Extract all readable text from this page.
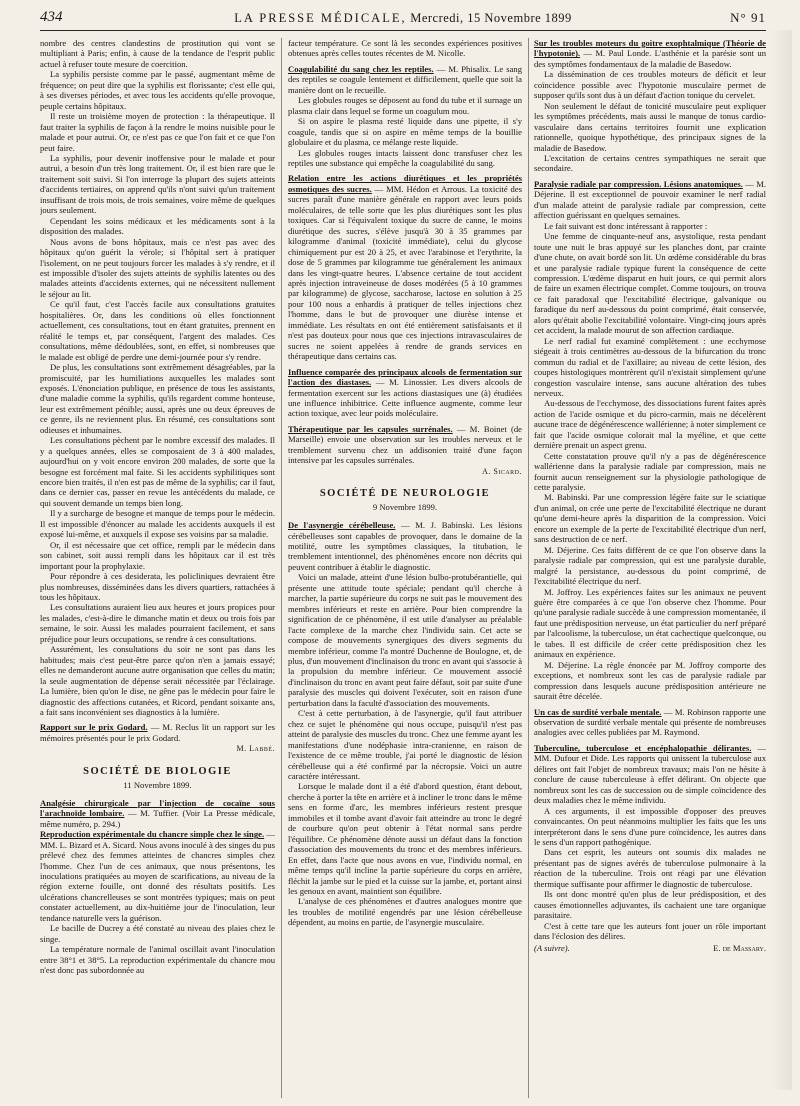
434	LA PRESSE MÉDICALE, Mercredi, 15 Novembre 1899	N° 91

nombre des centres clandestins de prostitution qui vont se multipliant à Paris; enfin, à cause de la tendance de l'esprit public actuel à refuser toute mesure de coercition.

La syphilis persiste comme par le passé, augmentant même de fréquence; on peut dire que la syphilis est florissante; c'est elle qui, à ses diverses périodes, et avec tous les accidents qu'elle provoque, peuple certains hôpitaux.

Il reste un troisième moyen de protection : la thérapeutique. Il faut traiter la syphilis de façon à la rendre le moins nuisible pour le malade et pour autrui. Or, ce n'est pas ce que l'on fait et ce que l'on peut faire.

La syphilis, pour devenir inoffensive pour le malade et pour autrui, a besoin d'un très long traitement. Or, il est bien rare que le traitement soit suivi. Si l'on interroge la plupart des sujets atteints d'accidents tertiaires, on apprend qu'ils n'ont suivi qu'un traitement insuffisant de trois mois, de trois semaines, voire même de quelques jours seulement.

Cependant les soins médicaux et les médicaments sont à la disposition des malades.

Nous avons de bons hôpitaux, mais ce n'est pas avec des hôpitaux qu'on guérit la vérole; si l'hôpital sert à pratiquer l'isolement, on ne peut toujours forcer les malades à s'y rendre, et il est impossible d'isoler des sujets atteints de syphilis latentes ou des malades atteints d'accidents externes, qui ne nécessitent nullement le séjour au lit.

Ce qu'il faut, c'est l'accès facile aux consultations gratuites hospitalières. Or, dans les conditions où elles fonctionnent actuellement, ces consultations, tout en étant gratuites, prennent en réalité le temps et, par conséquent, l'argent des malades. Ces consultations, même dédoublées, sont, en effet, si nombreuses que le malade est obligé de perdre une demi-journée pour s'y rendre.

De plus, les consultations sont extrêmement désagréables, par la promiscuité, par les humiliations auxquelles les malades sont exposés. L'énonciation publique, en présence de tous les assistants, d'une maladie comme la syphilis, qu'ils regardent comme honteuse, leur est extrêmement pénible; aussi, après une ou deux épreuves de ce genre, ils ne reviennent plus. En résumé, ces consultations sont odieuses et inhumaines.

Les consultations pèchent par le nombre excessif des malades. Il y a quelques années, elles se composaient de 3 à 400 malades, aujourd'hui on y voit encore environ 200 malades, de sorte que la besogne est forcément mal faite. Si les accidents syphilitiques sont encore bien traités, il n'en est pas de même de la syphilis; car il faut, dans ce dernier cas, passer en revue les antécédents du malade, ce qui souvent demande un temps bien long.

Il y a surcharge de besogne et manque de temps pour le médecin. Il est impossible d'énoncer au malade les accidents auxquels il est exposé lui-même, et auxquels il expose ses voisins par sa maladie.

Or, il est nécessaire que cet office, rempli par le médecin dans son cabinet, soit aussi rempli dans les hôpitaux car il est très important pour la prophylaxie.

Pour répondre à ces desiderata, les policliniques devraient être plus nombreuses, disséminées dans les divers quartiers, rattachées à tous les hôpitaux.

Les consultations auraient lieu aux heures et jours propices pour les malades, c'est-à-dire le dimanche matin et deux ou trois fois par semaine, le soir. Aussi les malades pourraient facilement, et sans préjudice pour leurs occupations, se rendre à ces consultations.

Assurément, les consultations du soir ne sont pas dans les habitudes; mais c'est peut-être parce qu'on n'en a jamais essayé; elles ne demanderont aucune autre organisation que celles du matin; la seule augmentation de dépense serait nécessitée par l'éclairage. La lumière, bien qu'on le dise, ne gêne pas le médecin pour faire le diagnostic des affections cutanées, et Ricord, pendant soixante ans, a fait sans inconvénient ses diagnostics à la lumière.

Rapport sur le prix Godard. — M. Reclus lit un rapport sur les mémoires présentés pour le prix Godard.

M. Labbé.
SOCIÉTÉ DE BIOLOGIE
11 Novembre 1899.

Analgésie chirurgicale par l'injection de cocaïne sous l'arachnoïde lombaire. — M. Tuffier. (Voir La Presse médicale, même numéro, p. 294.)

Reproduction expérimentale du chancre simple chez le singe. — MM. L. Bizard et A. Sicard. Nous avons inoculé à des singes du pus prélevé chez des femmes atteintes de chancres simples chez l'homme. Chez l'un de ces animaux, que nous présentons, les inoculations pratiquées au moyen de scarifications, au niveau de la région externe fouille, ont donné des résultats positifs. Les ulcérations chancrelleuses se sont montrées typiques; mais on peut constater actuellement, au dix-huitième jour de l'inoculation, leur tendance naturelle vers la guérison.

Le bacille de Ducrey a été constaté au niveau des plaies chez le singe.

La température normale de l'animal oscillait avant l'inoculation entre 38°1 et 38°5. La reproduction expérimentale du chancre mou n'est donc pas subordonnée au

facteur température. Ce sont là les secondes expériences positives obtenues après celles toutes récentes de M. Nicolle.

Coagulabilité du sang chez les reptiles. — M. Phisalix. Le sang des reptiles se coagule lentement et difficilement, quelle que soit la manière dont on le recueille.

Les globules rouges se déposent au fond du tube et il surnage un plasma clair dans lequel se forme un coagulum mou.

Si on aspire le plasma resté liquide dans une pipette, il s'y coagule, tandis que si on aspire en même temps de la bouillie globulaire et du plasma, ce mélange reste liquide.

Les globules rouges intacts laissent donc transfuser chez les reptiles une substance qui empêche la coagulabilité du sang.

Relation entre les actions diurétiques et les propriétés osmotiques des sucres. — MM. Hédon et Arrous. La toxicité des sucres paraît d'une manière générale en rapport avec leurs poids moléculaires, de telle sorte que les plus diurétiques sont les plus toxiques. Car si l'équivalent toxique du sucre de canne, le moins diurétique des sucres, s'élève jusqu'à 30 à 35 grammes par kilogramme d'animal (toxicité immédiate), celui du glycose chimiquement pur est 20 à 25, et avec l'arabinose et l'erythrite, la dose de 5 grammes par kilogramme tue généralement les animaux dans les vingt-quatre heures. L'absence certaine de tout accident après injection intraveineuse de doses modérées (5 à 10 grammes par kilogramme) de glycose, saccharose, lactose en solution à 25 pour 100 nous a enhardis à pratiquer de telles injections chez l'homme, dans le but de provoquer une diurèse intense et immédiate. Les résultats en ont été entièrement satisfaisants et il n'est pas douteux pour nous que ces injections intravasculaires de sucres ne soient appelées à rendre de grands services en thérapeutique dans certains cas.

Influence comparée des principaux alcools de fermentation sur l'action des diastases. — M. Linossier. Les divers alcools de fermentation exercent sur les actions diastasiques une (à) étudiées une influence inhibitrice. Cette influence augmente, comme leur action toxique, avec leur poids moléculaire.

Thérapeutique par les capsules surrénales. — M. Boinet (de Marseille) envoie une observation sur les troubles nerveux et le tremblement survenu chez un addisonien traité d'une façon intensive par les capsules surrénales.

A. Sicard.
SOCIÉTÉ DE NEUROLOGIE
9 Novembre 1899.

De l'asynergie cérébelleuse. — M. J. Babinski. Les lésions cérébelleuses sont capables de provoquer, dans le domaine de la motilité, outre les symptômes classiques, la titubation, le tremblement intentionnel, des phénomènes encore non décrits qui peuvent contribuer à établir le diagnostic.

Voici un malade, atteint d'une lésion bulbo-protubérantielle, qui présente une attitude toute spéciale; pendant qu'il cherche à marcher, la partie supérieure du corps ne suit pas le mouvement des membres inférieurs et reste en arrière. Pour bien comprendre la signification de ce phénomène, il est utile d'analyser au préalable l'acte complexe de la marche chez l'individu sain. Cet acte se compose de mouvements synergiques des divers segments du membre inférieur, comme l'a montré Duchenne de Boulogne, et, de plus, d'un mouvement d'inclinaison du tronc en avant qui s'associe à la propulsion du membre inférieur. Ce mouvement associé d'inclinaison du tronc en avant peut faire défaut, soit par suite d'une paralysie des muscles qui doivent l'exécuter, soit en raison d'une perturbation dans la faculté d'association des mouvements.

C'est à cette perturbation, à de l'asynergie, qu'il faut attribuer chez ce sujet le phénomène qui nous occupe, puisqu'il n'est pas atteint de paralysie des muscles du tronc. Chez une femme ayant les manifestations d'une nodéphasie intra-cranienne, en raison de l'existence de ce même trouble, j'ai porté le diagnostic de lésion cérébelleuse qui a été confirmé par la nécropsie. Voici un autre caractère intéressant.

Lorsque le malade dont il a été d'abord question, étant debout, cherche à porter la tête en arrière et à incliner le tronc dans le même sens en forme d'arc, les membres inférieurs restent presque immobiles et il tombe avant d'avoir fait atteindre au tronc le degré de courbure qu'on peut obtenir à l'état normal sans perdre l'équilibre. Ce phénomène dénote aussi un défaut dans la fonction d'association des mouvements du tronc et des membres inférieurs. En effet, dans l'acte que nous avons en vue, l'individu normal, en même temps qu'il incline la partie supérieure du corps en arrière, fléchit la jambe sur le pied et la cuisse sur la jambe, et, portant ainsi les genoux en avant, maintient son équilibre.

L'analyse de ces phénomènes et d'autres analogues montre que les troubles de motilité engendrés par une lésion cérébelleuse dépendent, au moins en partie, de l'asynergie musculaire.

Sur les troubles moteurs du goitre exophtalmique (Théorie de l'hypotonie). — M. Paul Londe. L'asthénie et la parésie sont un des symptômes fondamentaux de la maladie de Basedow.

La dissémination de ces troubles moteurs de déficit et leur coïncidence possible avec l'hypotonie musculaire permet de supposer qu'ils sont dus à un défaut d'action tonique du cervelet.

Non seulement le défaut de tonicité musculaire peut expliquer les symptômes précédents, mais aussi le manque de tonus cardio-vasculaire dans certains territoires fournit une explication rationnelle, quoique hypothétique, des principaux signes de la maladie de Basedow.

L'excitation de certains centres sympathiques ne serait que secondaire.

Paralysie radiale par compression. Lésions anatomiques. — M. Déjerine. Il est exceptionnel de pouvoir examiner le nerf radial d'un malade atteint de paralysie radiale par compression, cette affection guérissant en quelques semaines.

Le fait suivant est donc intéressant à rapporter :

Une femme de cinquante-neuf ans, asystolique, resta pendant toute une nuit le bras appuyé sur les planches dont, par crainte d'une chute, on avait bordé son lit. Un œdème considérable du bras et une paralysie radiale typique furent la conséquence de cette compression. L'œdème disparut en huit jours, ce qui permit alors de faire un examen électrique complet. Comme toujours, on trouva ce fait paradoxal que l'excitabilité électrique, galvanique ou faradique du nerf au-dessous du point comprimé, était conservée, alors qu'était abolie l'excitabilité volontaire. Vingt-cinq jours après cet accident, la malade mourut de son affection cardiaque.

Le nerf radial fut examiné complètement : une ecchymose siégeait à trois centimètres au-dessous de la bifurcation du tronc commun du radial et de l'axillaire; au niveau de cette lésion, des coupes histologiques montrèrent qu'il n'existait simplement qu'une congestion vasculaire intense, sans aucune altération des tubes nerveux.

Au-dessous de l'ecchymose, des dissociations furent faites après action de l'acide osmique et du picro-carmin, mais ne décelèrent aucune trace de dégénérescence wallérienne; à noter simplement ce fait que l'acide osmique colorait mal la myéline, et que cette dernière prenait un aspect grenu.

Cette constatation prouve qu'il n'y a pas de dégénérescence wallérienne dans la paralysie radiale par compression, mais ne fournit aucun renseignement sur la physiologie pathologique de cette paralysie.

M. Babinski. Par une compression légère faite sur le sciatique d'un animal, on crée une perte de l'excitabilité électrique ne durant qu'une demi-heure après la disparition de la compression. Voici encore un exemple de la perte de l'excitabilité électrique d'un nerf, sans destruction de ce nerf.

M. Déjerine. Ces faits diffèrent de ce que l'on observe dans la paralysie radiale par compression, qui est une paralysie durable, malgré la persistance, au-dessous du point comprimé, de l'excitabilité électrique du nerf.

M. Joffroy. Les expériences faites sur les animaux ne peuvent guère être comparées à ce que l'on observe chez l'homme. Pour qu'une paralysie radiale succède à une compression momentanée, il faut une prédisposition nerveuse, un état particulier du nerf préparé par l'alcoolisme, la tuberculose, un état cachectique quelconque, ou le tabes. Il est difficile de créer cette prédisposition chez les animaux en expérience.

M. Déjerine. La règle énoncée par M. Joffroy comporte des exceptions, et nombreux sont les cas de paralysie radiale par compression dans lesquels aucune prédisposition antérieure ne saurait être décelée.

Un cas de surdité verbale mentale. — M. Robinson rapporte une observation de surdité verbale mentale qui présente de nombreuses analogies avec celles publiées par M. Raymond.

Tuberculine, tuberculose et encéphalopathie délirantes. — MM. Dufour et Dide. Les rapports qui unissent la tuberculose aux délires ont fait l'objet de nombreux travaux; mais l'on ne hésite à conclure de cause tuberculeuse à effet délirant. On objecte que nombreux sont les cas de succession ou de simple coïncidence des deux maladies chez le même individu.

A ces arguments, il est impossible d'opposer des preuves convaincantes. On peut néanmoins multiplier les faits que les uns interpréteront dans le sens d'une pure coïncidence, les autres dans le sens d'un rapport pathogénique.

Dans cet esprit, les auteurs ont soumis dix malades ne présentant pas de signes avérés de tuberculose pulmonaire à la réaction de la tuberculine. Trois ont réagi par une élévation thermique suffisante pour affirmer le diagnostic de tuberculose.

Ils ont donc montré qu'en plus de leur prédisposition, et des causes émotionnelles adjuvantes, ils cachaient une tare organique parasitaire.

C'est à cette tare que les auteurs font jouer un rôle important dans l'éclosion des délires.

(A suivre).	E. de Massary.
